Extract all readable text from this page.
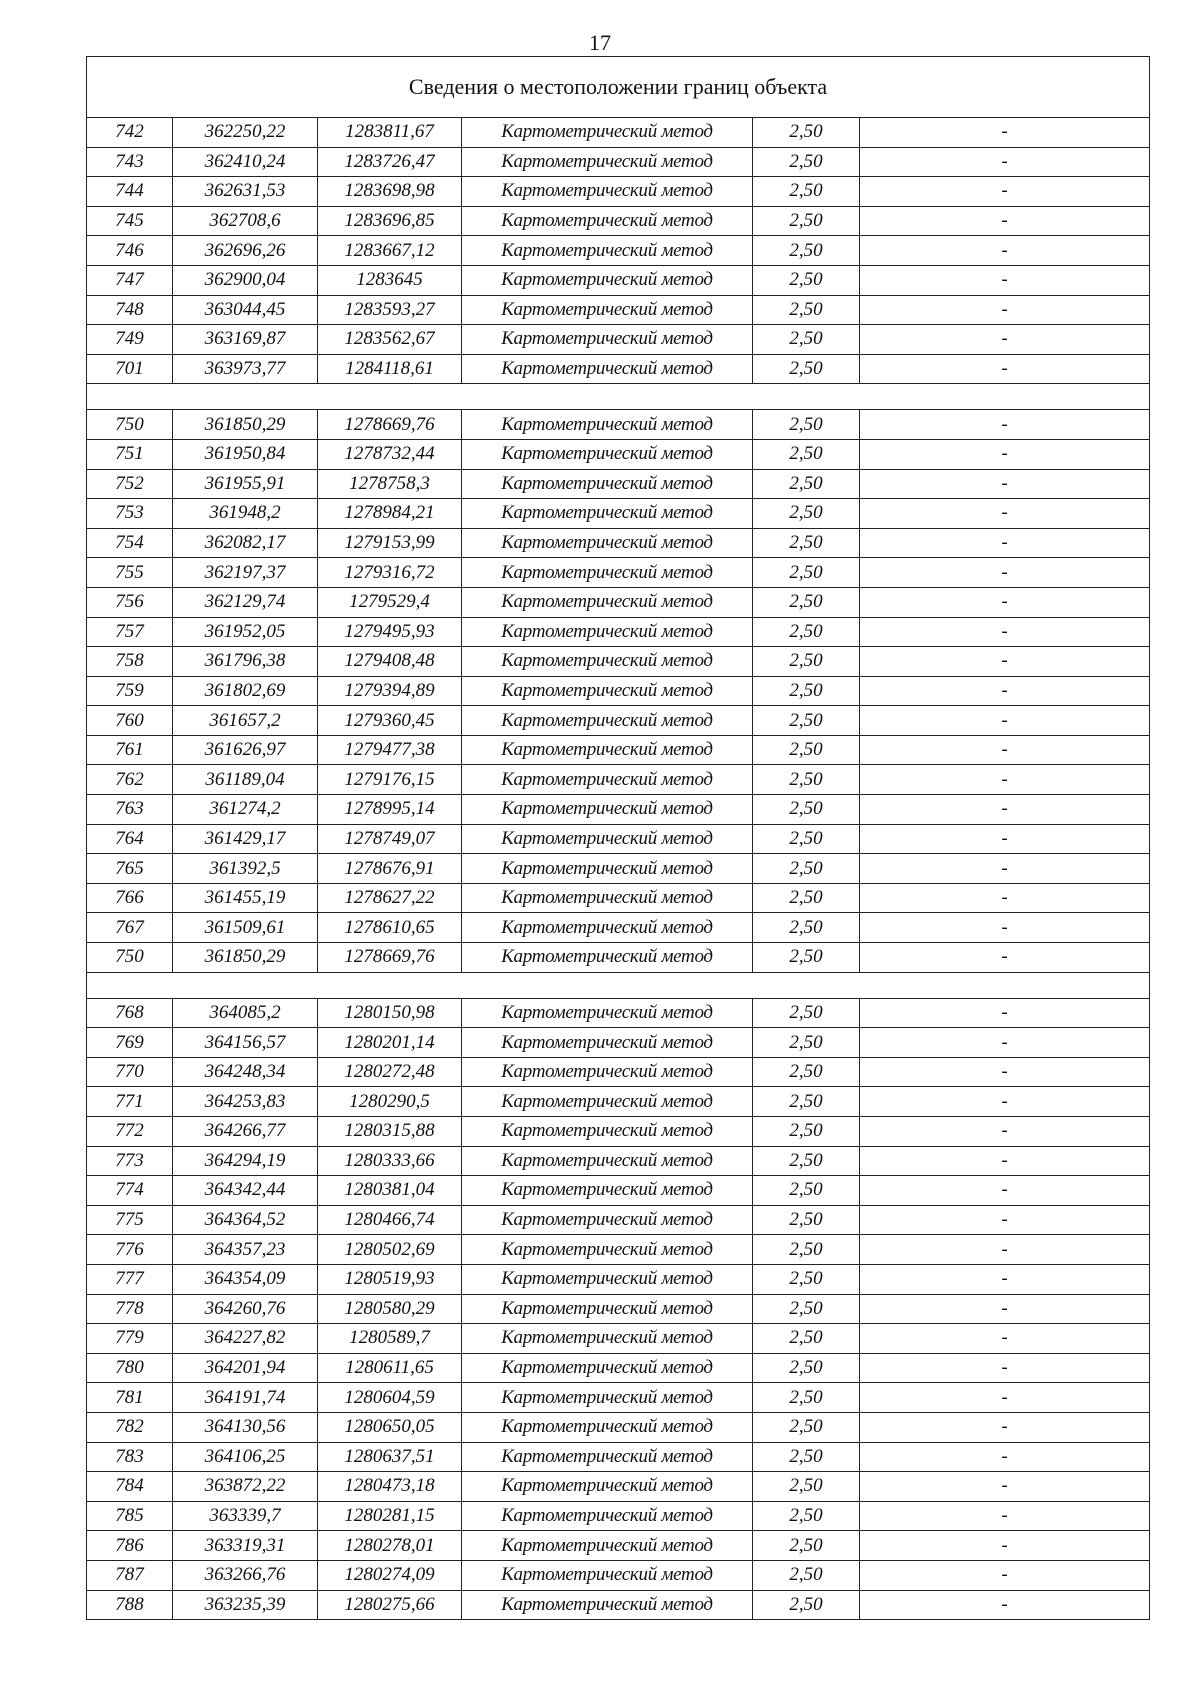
17
Сведения о местоположении границ объекта					
742	362250,22	1283811,67	Картометрический метод	2,50	-
743	362410,24	1283726,47	Картометрический метод	2,50	-
744	362631,53	1283698,98	Картометрический метод	2,50	-
745	362708,6	1283696,85	Картометрический метод	2,50	-
746	362696,26	1283667,12	Картометрический метод	2,50	-
747	362900,04	1283645	Картометрический метод	2,50	-
748	363044,45	1283593,27	Картометрический метод	2,50	-
749	363169,87	1283562,67	Картометрический метод	2,50	-
701	363973,77	1284118,61	Картометрический метод	2,50	-

750	361850,29	1278669,76	Картометрический метод	2,50	-
751	361950,84	1278732,44	Картометрический метод	2,50	-
752	361955,91	1278758,3	Картометрический метод	2,50	-
753	361948,2	1278984,21	Картометрический метод	2,50	-
754	362082,17	1279153,99	Картометрический метод	2,50	-
755	362197,37	1279316,72	Картометрический метод	2,50	-
756	362129,74	1279529,4	Картометрический метод	2,50	-
757	361952,05	1279495,93	Картометрический метод	2,50	-
758	361796,38	1279408,48	Картометрический метод	2,50	-
759	361802,69	1279394,89	Картометрический метод	2,50	-
760	361657,2	1279360,45	Картометрический метод	2,50	-
761	361626,97	1279477,38	Картометрический метод	2,50	-
762	361189,04	1279176,15	Картометрический метод	2,50	-
763	361274,2	1278995,14	Картометрический метод	2,50	-
764	361429,17	1278749,07	Картометрический метод	2,50	-
765	361392,5	1278676,91	Картометрический метод	2,50	-
766	361455,19	1278627,22	Картометрический метод	2,50	-
767	361509,61	1278610,65	Картометрический метод	2,50	-
750	361850,29	1278669,76	Картометрический метод	2,50	-

768	364085,2	1280150,98	Картометрический метод	2,50	-
769	364156,57	1280201,14	Картометрический метод	2,50	-
770	364248,34	1280272,48	Картометрический метод	2,50	-
771	364253,83	1280290,5	Картометрический метод	2,50	-
772	364266,77	1280315,88	Картометрический метод	2,50	-
773	364294,19	1280333,66	Картометрический метод	2,50	-
774	364342,44	1280381,04	Картометрический метод	2,50	-
775	364364,52	1280466,74	Картометрический метод	2,50	-
776	364357,23	1280502,69	Картометрический метод	2,50	-
777	364354,09	1280519,93	Картометрический метод	2,50	-
778	364260,76	1280580,29	Картометрический метод	2,50	-
779	364227,82	1280589,7	Картометрический метод	2,50	-
780	364201,94	1280611,65	Картометрический метод	2,50	-
781	364191,74	1280604,59	Картометрический метод	2,50	-
782	364130,56	1280650,05	Картометрический метод	2,50	-
783	364106,25	1280637,51	Картометрический метод	2,50	-
784	363872,22	1280473,18	Картометрический метод	2,50	-
785	363339,7	1280281,15	Картометрический метод	2,50	-
786	363319,31	1280278,01	Картометрический метод	2,50	-
787	363266,76	1280274,09	Картометрический метод	2,50	-
788	363235,39	1280275,66	Картометрический метод	2,50	-
